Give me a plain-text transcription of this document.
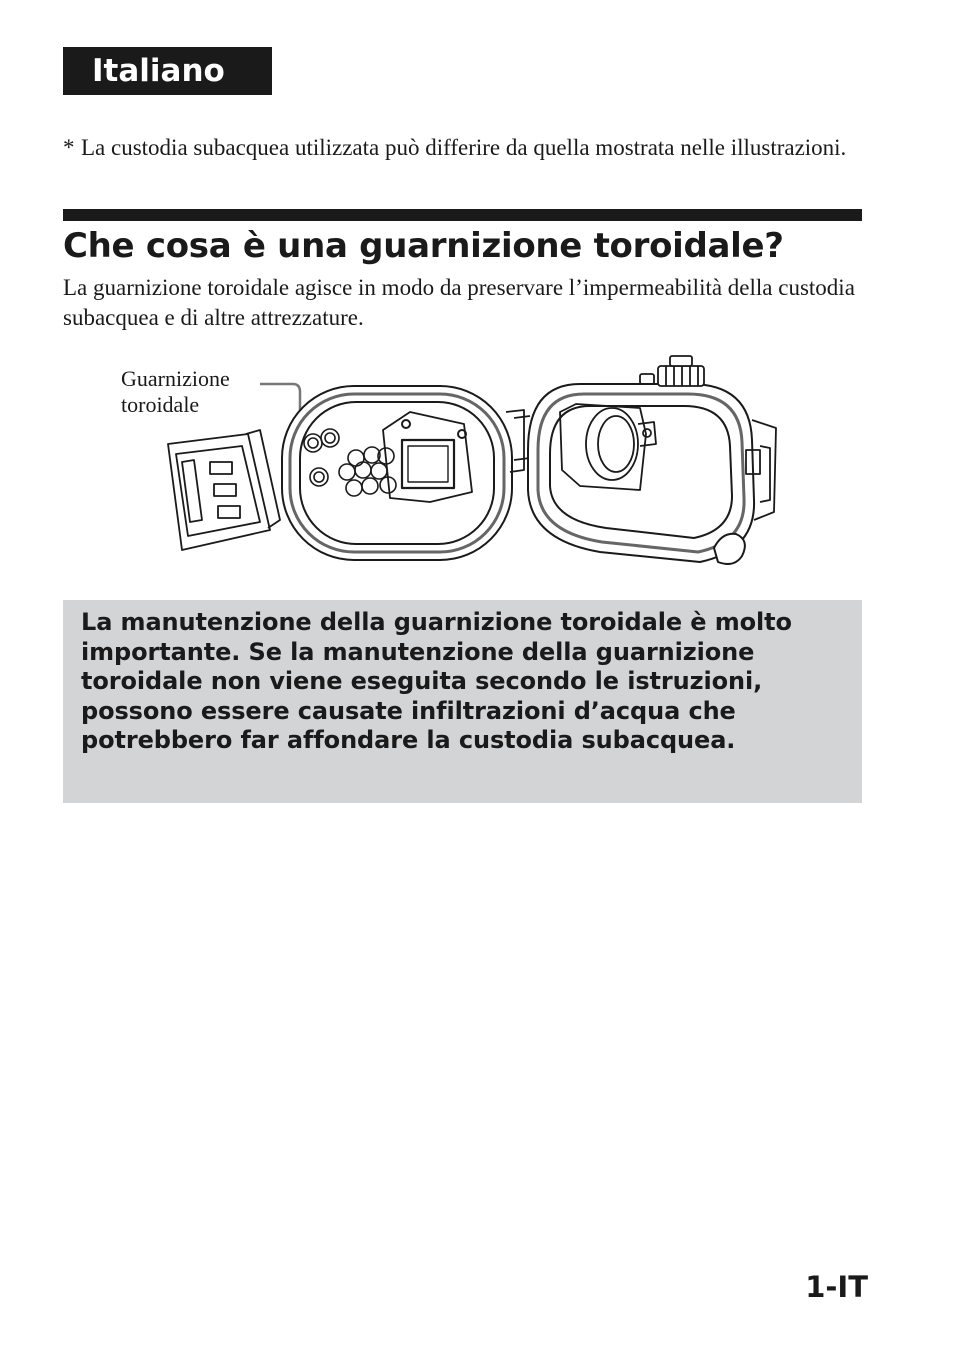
Italiano
* La custodia subacquea utilizzata può differire da quella mostrata nelle illustrazioni.
Che cosa è una guarnizione toroidale?

La guarnizione toroidale agisce in modo da preservare l’impermeabilità della custodia subacquea e di altre attrezzature.

Guarnizione
toroidale

La manutenzione della guarnizione toroidale è molto importante. Se la manutenzione della guarnizione toroidale non viene eseguita secondo le istruzioni, possono essere causate infiltrazioni d’acqua che potrebbero far affondare la custodia subacquea.

1-IT
